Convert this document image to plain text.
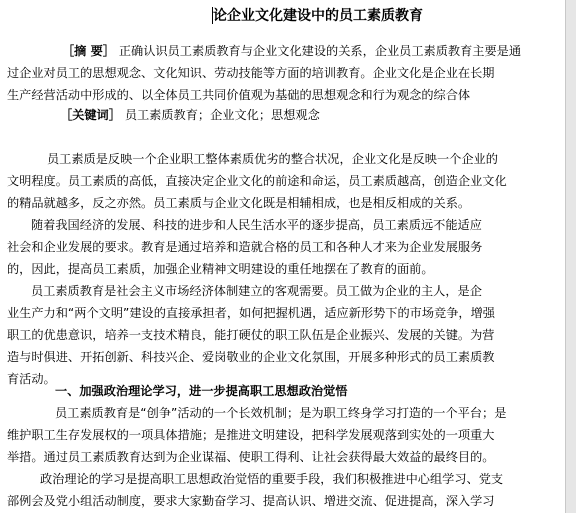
论企业文化建设中的员工素质教育
［摘 要］ 正确认识员工素质教育与企业文化建设的关系，企业员工素质教育主要是通
过企业对员工的思想观念、文化知识、劳动技能等方面的培训教育。企业文化是企业在长期
生产经营活动中形成的、以全体员工共同价值观为基础的思想观念和行为观念的综合体
［关键词］ 员工素质教育；企业文化；思想观念
员工素质是反映一个企业职工整体素质优劣的整合状况，企业文化是反映一个企业的
文明程度。员工素质的高低，直接决定企业文化的前途和命运，员工素质越高，创造企业文化
的精品就越多，反之亦然。员工素质与企业文化既是相辅相成，也是相反相成的关系。
随着我国经济的发展、科技的进步和人民生活水平的逐步提高，员工素质远不能适应
社会和企业发展的要求。教育是通过培养和造就合格的员工和各种人才来为企业发展服务
的，因此，提高员工素质，加强企业精神文明建设的重任地摆在了教育的面前。
员工素质教育是社会主义市场经济体制建立的客观需要。员工做为企业的主人，是企
业生产力和“两个文明”建设的直接承担者，如何把握机遇，适应新形势下的市场竞争，增强
职工的优患意识，培养一支技术精良，能打硬仗的职工队伍是企业振兴、发展的关键。为营
造与时俱进、开拓创新、科技兴企、爱岗敬业的企业文化氛围，开展多种形式的员工素质教
育活动。
一、加强政治理论学习，进一步提高职工思想政治觉悟
员工素质教育是“创争”活动的一个长效机制；是为职工终身学习打造的一个平台；是
维护职工生存发展权的一项具体措施；是推进文明建设，把科学发展观落到实处的一项重大
举措。通过员工素质教育达到为企业谋福、使职工得利、让社会获得最大效益的最终目的。
政治理论的学习是提高职工思想政治觉悟的重要手段，我们积极推进中心组学习、党支
部例会及党小组活动制度，要求大家勤奋学习、提高认识、增进交流、促进提高，深入学习
